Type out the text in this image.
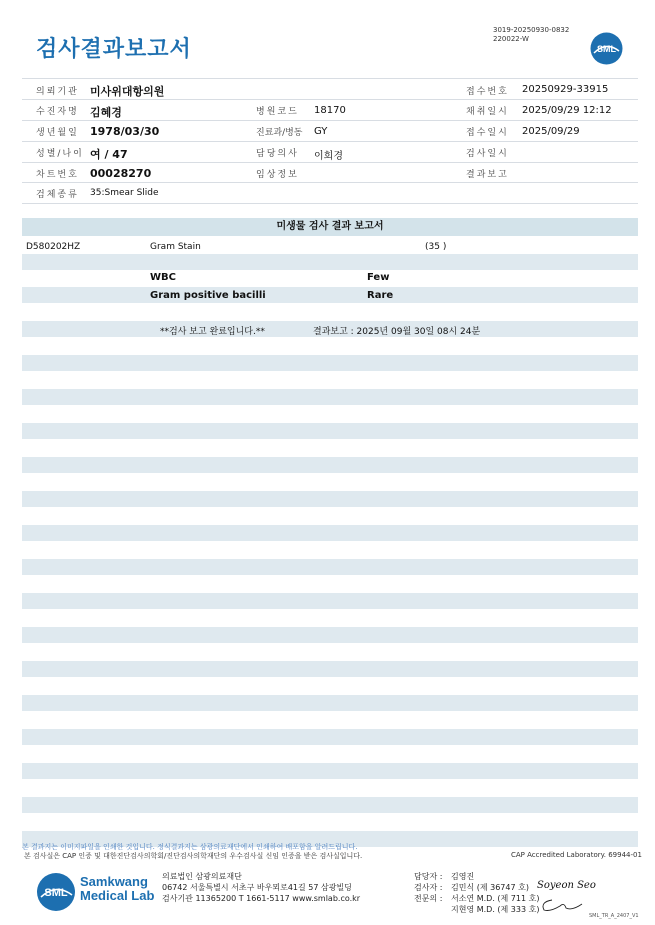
검사결과보고서
3019-20250930-0832
220022-W
SML
의뢰기관 미사위대항의원	접수번호 20250929-33915
수진자명 김혜경	병원코드 18170	채취일시 2025/09/29 12:12
생년월일 1978/03/30	진료과/병동 GY	접수일시 2025/09/29
성별/나이 여 / 47	담당의사 이희경	검사일시
차트번호 00028270	임상정보	결과보고
검체종류 35:Smear Slide
미생물 검사 결과 보고서
D580202HZ	Gram Stain	(35 )
WBC	Few
Gram positive bacilli	Rare
**검사 보고 완료입니다.**	결과보고 : 2025년 09월 30일 08시 24분
본 결과지는 이미지파일을 인쇄한 것입니다. 정식결과지는 삼광의료재단에서 인쇄하여 배포함을 알려드립니다.
본 검사실은 CAP 인증 및 대한진단검사의학회/진단검사의학재단의 우수검사실 신임 인증을 받은 검사실입니다.	CAP Accredited Laboratory. 69944-01
SML
Samkwang
Medical Lab
의료법인 삼광의료재단
06742 서울특별시 서초구 바우뫼로41길 57 삼광빌딩
검사기관 11365200 T 1661-5117 www.smlab.co.kr
담당자 : 김영진
검사자 : 김민식 (제 36747 호)
전문의 : 서소연 M.D. (제 711 호)
지현영 M.D. (제 333 호)
Soyeon Seo
SML_TR_A_2407_V1
